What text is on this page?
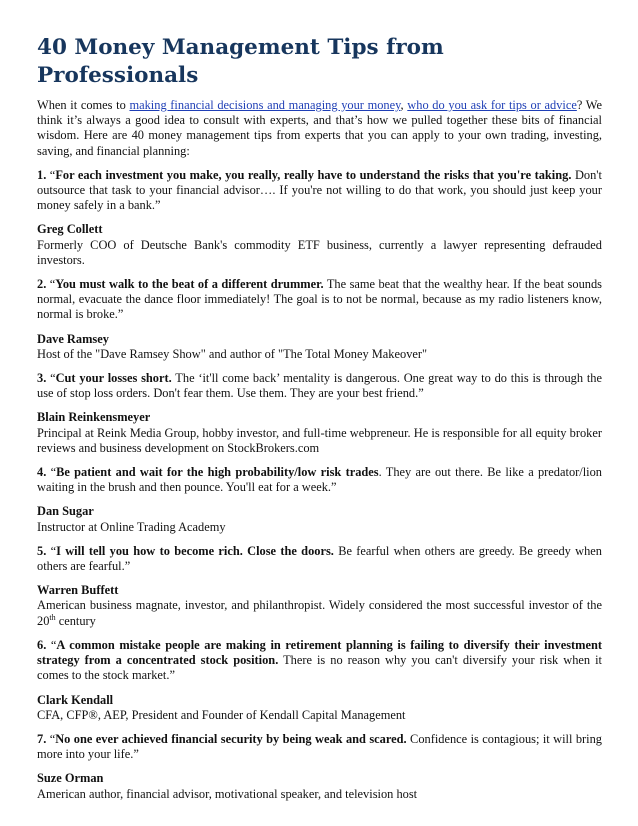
40 Money Management Tips from Professionals

When it comes to making financial decisions and managing your money, who do you ask for tips or advice? We think it’s always a good idea to consult with experts, and that’s how we pulled together these bits of financial wisdom. Here are 40 money management tips from experts that you can apply to your own trading, investing, saving, and financial planning:

1. “For each investment you make, you really, really have to understand the risks that you're taking. Don't outsource that task to your financial advisor…. If you're not willing to do that work, you should just keep your money safely in a bank.”

Greg Collett
Formerly COO of Deutsche Bank's commodity ETF business, currently a lawyer representing defrauded investors.

2. “You must walk to the beat of a different drummer. The same beat that the wealthy hear. If the beat sounds normal, evacuate the dance floor immediately! The goal is to not be normal, because as my radio listeners know, normal is broke.”

Dave Ramsey
Host of the "Dave Ramsey Show" and author of "The Total Money Makeover"

3. “Cut your losses short. The ‘it'll come back’ mentality is dangerous. One great way to do this is through the use of stop loss orders. Don't fear them. Use them. They are your best friend.”

Blain Reinkensmeyer
Principal at Reink Media Group, hobby investor, and full-time webpreneur. He is responsible for all equity broker reviews and business development on StockBrokers.com

4. “Be patient and wait for the high probability/low risk trades. They are out there. Be like a predator/lion waiting in the brush and then pounce. You'll eat for a week.”

Dan Sugar
Instructor at Online Trading Academy

5. “I will tell you how to become rich. Close the doors. Be fearful when others are greedy. Be greedy when others are fearful.”

Warren Buffett
American business magnate, investor, and philanthropist. Widely considered the most successful investor of the 20th century

6. “A common mistake people are making in retirement planning is failing to diversify their investment strategy from a concentrated stock position. There is no reason why you can't diversify your risk when it comes to the stock market.”

Clark Kendall
CFA, CFP®, AEP, President and Founder of Kendall Capital Management

7. “No one ever achieved financial security by being weak and scared. Confidence is contagious; it will bring more into your life.”

Suze Orman
American author, financial advisor, motivational speaker, and television host
